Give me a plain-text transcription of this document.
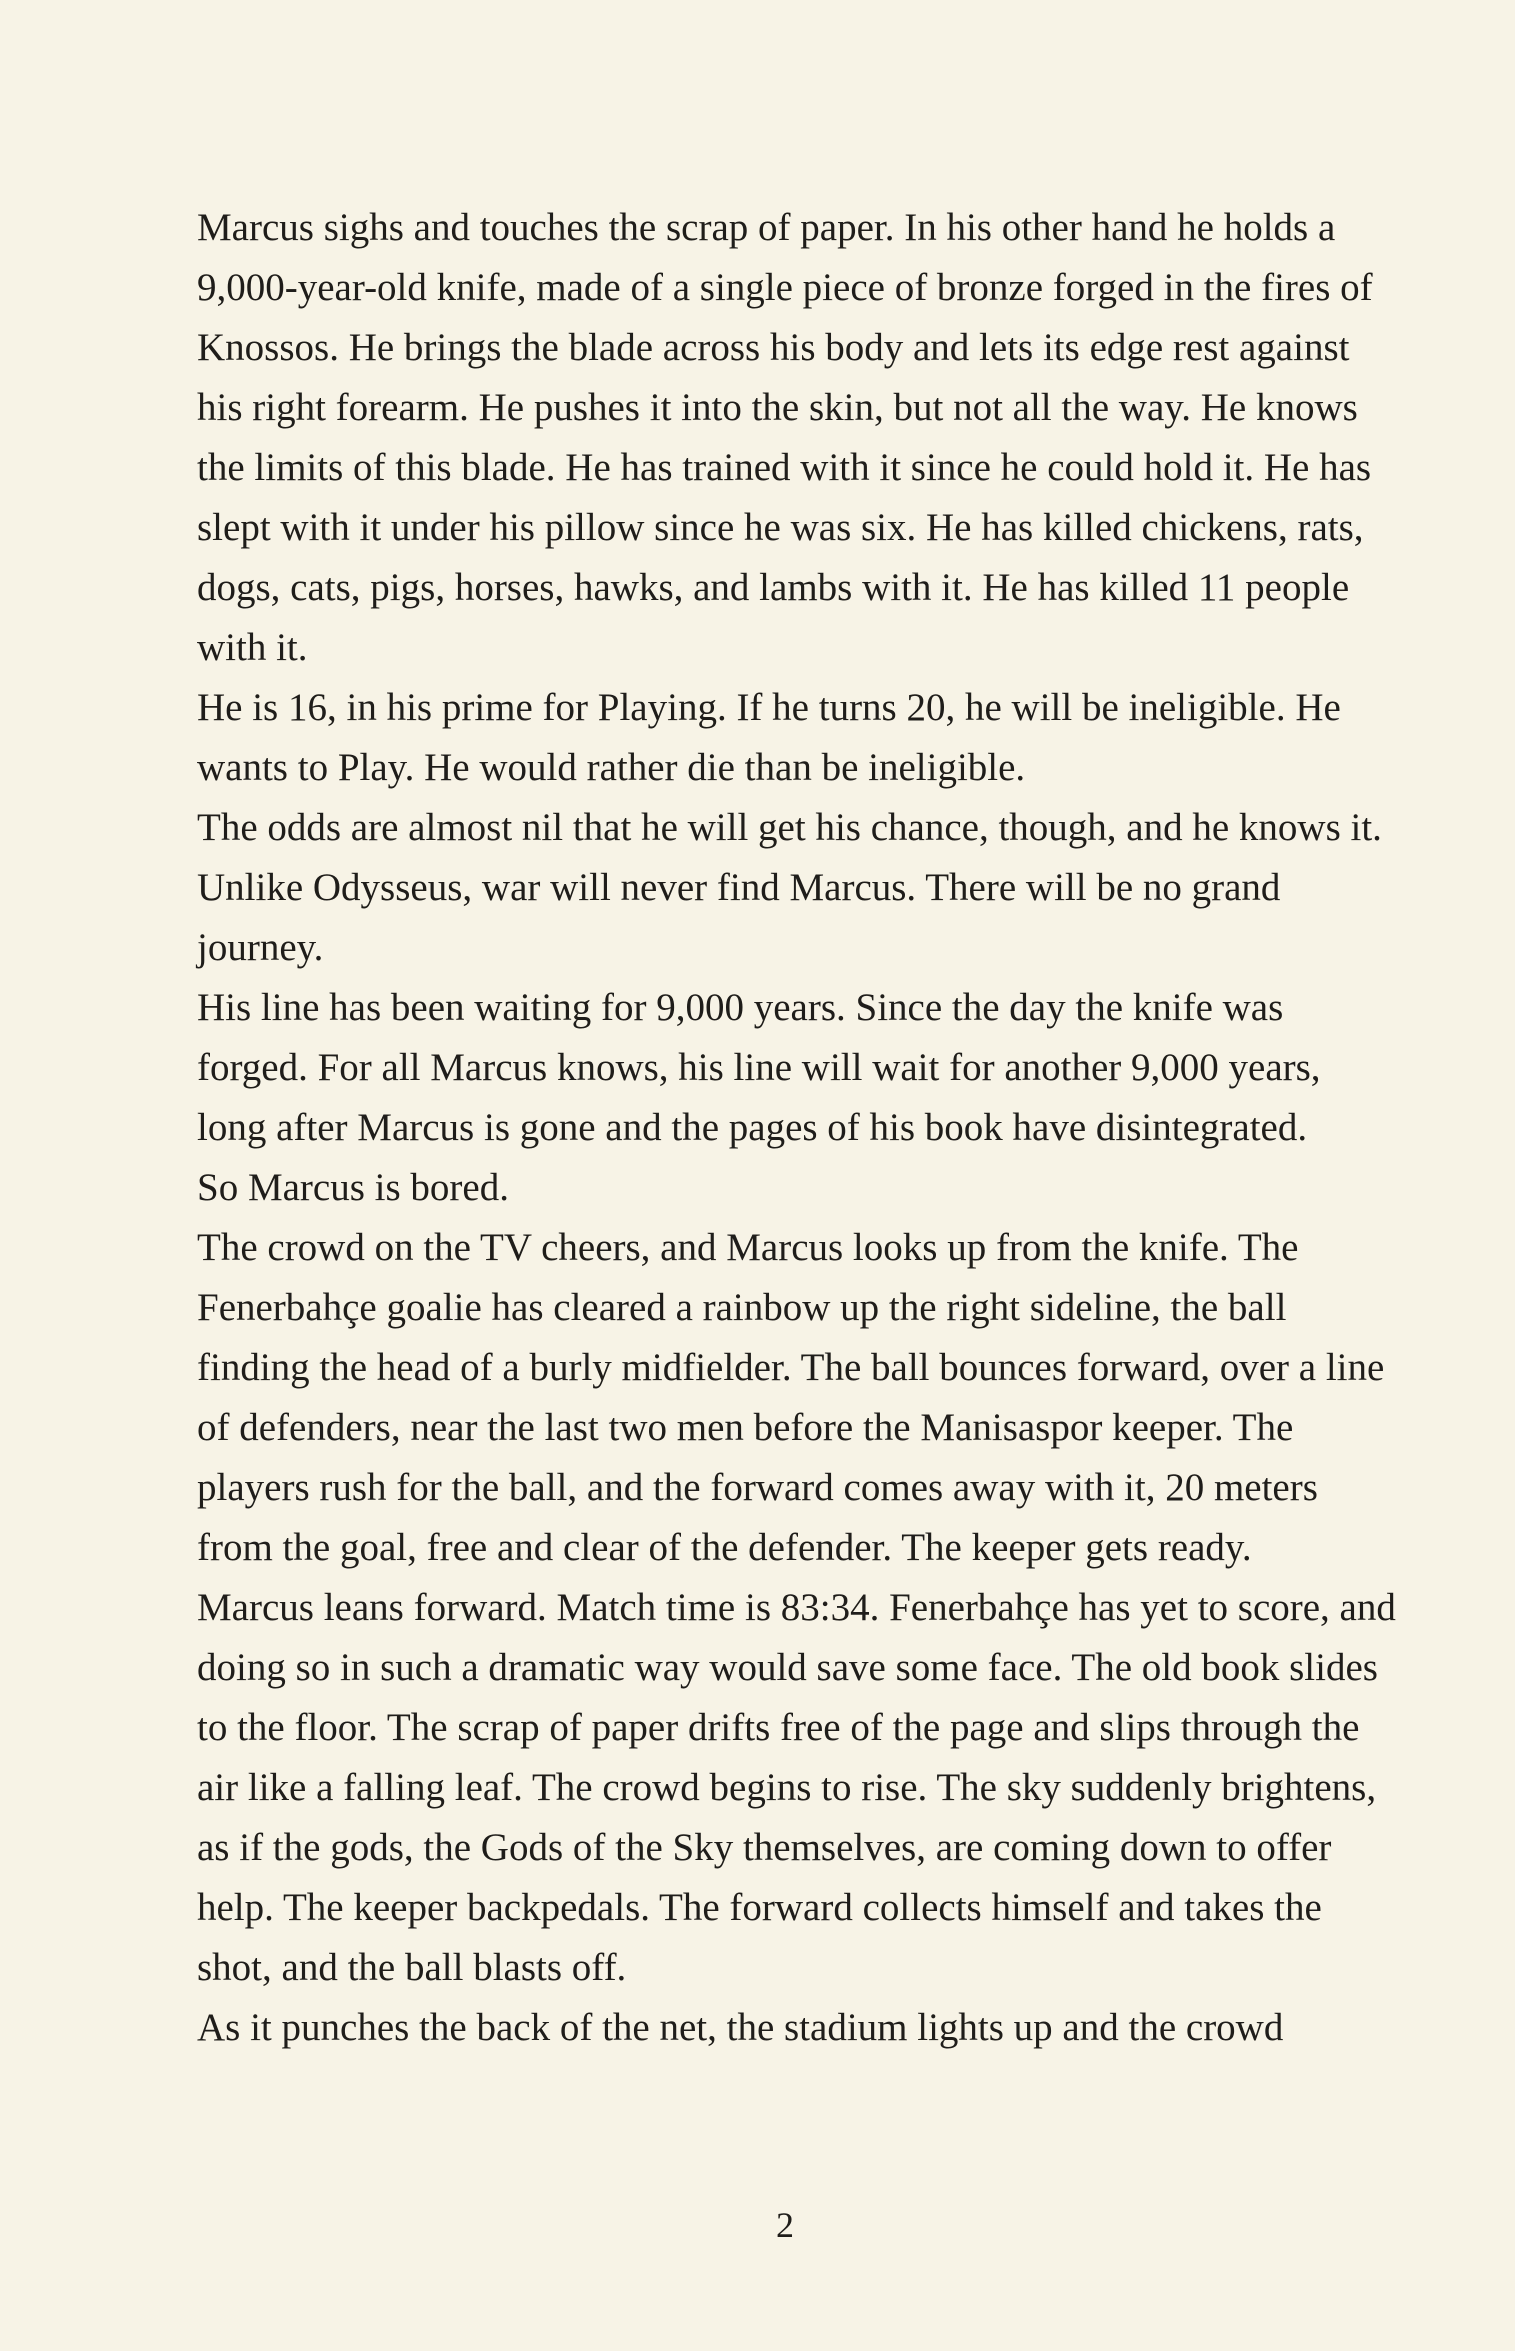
Marcus sighs and touches the scrap of paper. In his other hand he holds a 9,000-year-old knife, made of a single piece of bronze forged in the fires of Knossos. He brings the blade across his body and lets its edge rest against his right forearm. He pushes it into the skin, but not all the way. He knows the limits of this blade. He has trained with it since he could hold it. He has slept with it under his pillow since he was six. He has killed chickens, rats, dogs, cats, pigs, horses, hawks, and lambs with it. He has killed 11 people with it.

He is 16, in his prime for Playing. If he turns 20, he will be ineligible. He wants to Play. He would rather die than be ineligible.

The odds are almost nil that he will get his chance, though, and he knows it. Unlike Odysseus, war will never find Marcus. There will be no grand journey.

His line has been waiting for 9,000 years. Since the day the knife was forged. For all Marcus knows, his line will wait for another 9,000 years, long after Marcus is gone and the pages of his book have disintegrated.

So Marcus is bored.

The crowd on the TV cheers, and Marcus looks up from the knife. The Fenerbahçe goalie has cleared a rainbow up the right sideline, the ball finding the head of a burly midfielder. The ball bounces forward, over a line of defenders, near the last two men before the Manisaspor keeper. The players rush for the ball, and the forward comes away with it, 20 meters from the goal, free and clear of the defender. The keeper gets ready.

Marcus leans forward. Match time is 83:34. Fenerbahçe has yet to score, and doing so in such a dramatic way would save some face. The old book slides to the floor. The scrap of paper drifts free of the page and slips through the air like a falling leaf. The crowd begins to rise. The sky suddenly brightens, as if the gods, the Gods of the Sky themselves, are coming down to offer help. The keeper backpedals. The forward collects himself and takes the shot, and the ball blasts off.

As it punches the back of the net, the stadium lights up and the crowd

2
